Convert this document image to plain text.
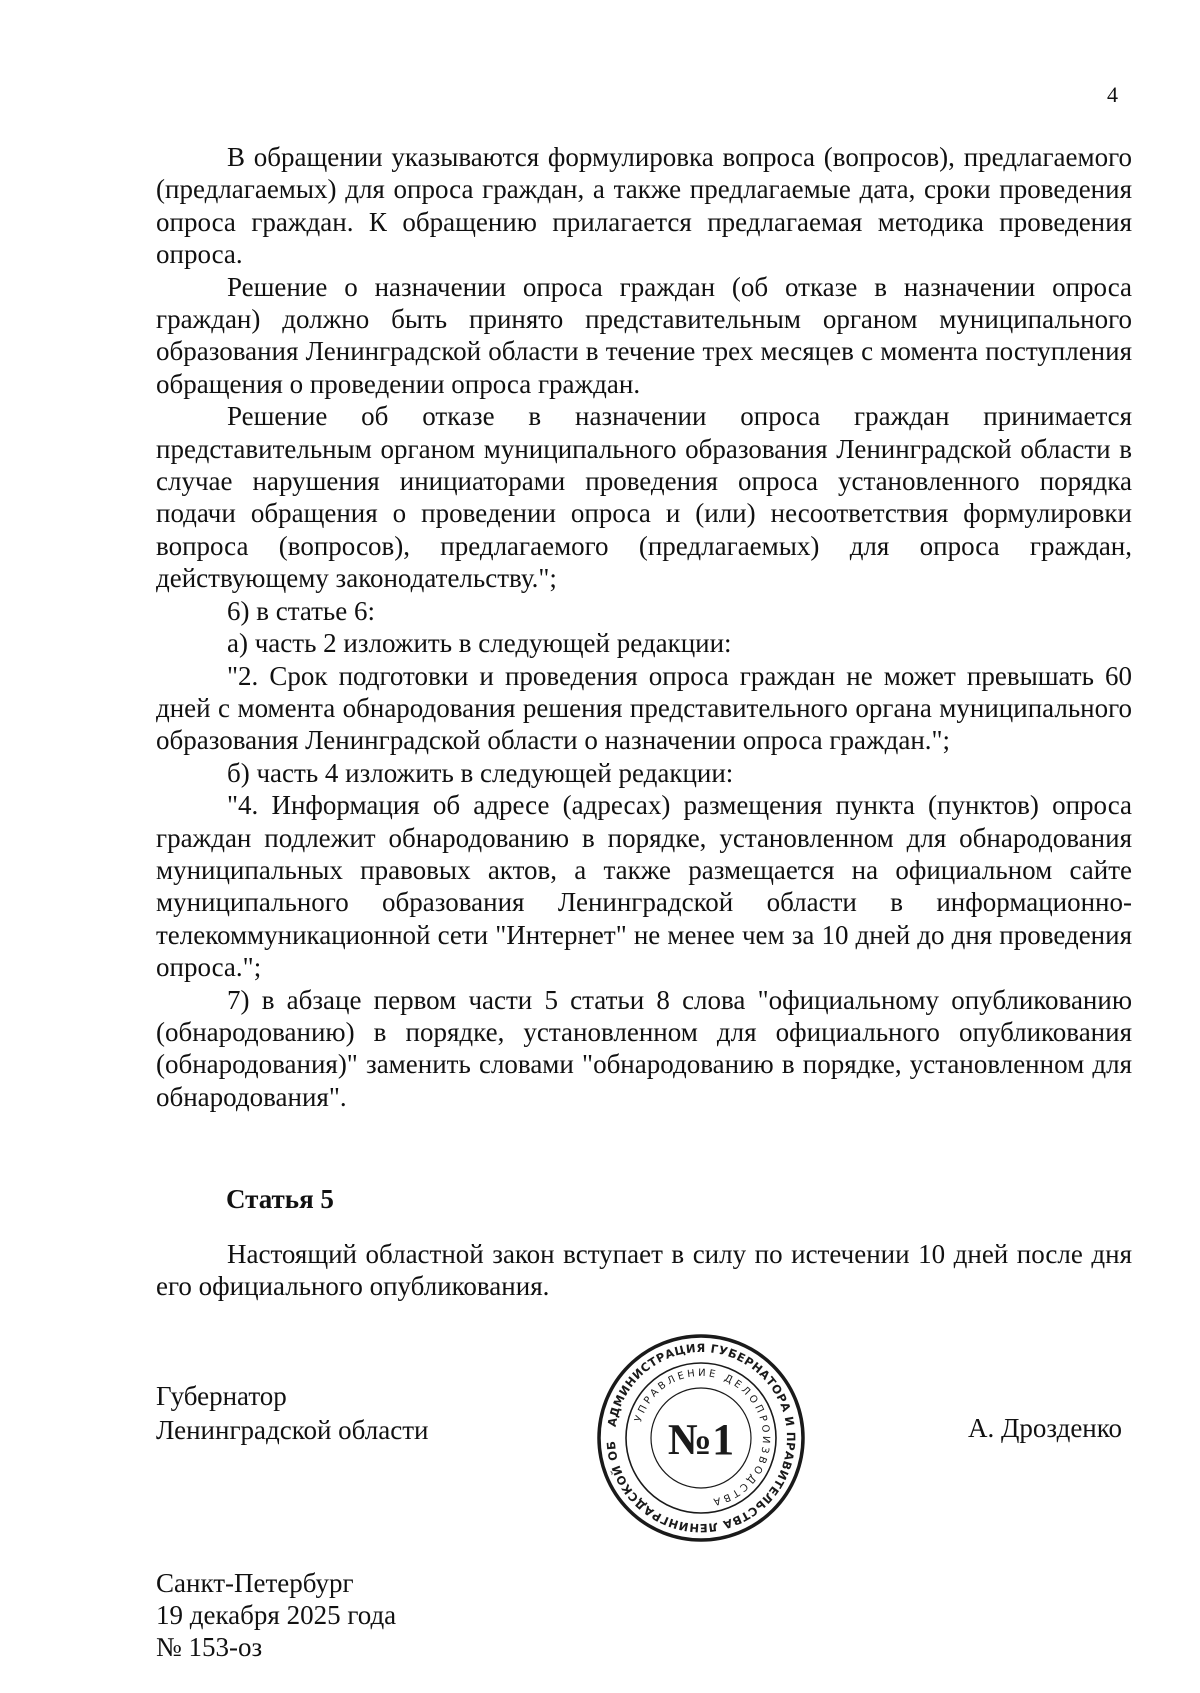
4

В обращении указываются формулировка вопроса (вопросов), предлагаемого (предлагаемых) для опроса граждан, а также предлагаемые дата, сроки проведения опроса граждан. К обращению прилагается предлагаемая методика проведения опроса.

Решение о назначении опроса граждан (об отказе в назначении опроса граждан) должно быть принято представительным органом муниципального образования Ленинградской области в течение трех месяцев с момента поступления обращения о проведении опроса граждан.

Решение об отказе в назначении опроса граждан принимается представительным органом муниципального образования Ленинградской области в случае нарушения инициаторами проведения опроса установленного порядка подачи обращения о проведении опроса и (или) несоответствия формулировки вопроса (вопросов), предлагаемого (предлагаемых) для опроса граждан, действующему законодательству.";

6) в статье 6:

а) часть 2 изложить в следующей редакции:

"2. Срок подготовки и проведения опроса граждан не может превышать 60 дней с момента обнародования решения представительного органа муниципального образования Ленинградской области о назначении опроса граждан.";

б) часть 4 изложить в следующей редакции:

"4. Информация об адресе (адресах) размещения пункта (пунктов) опроса граждан подлежит обнародованию в порядке, установленном для обнародования муниципальных правовых актов, а также размещается на официальном сайте муниципального образования Ленинградской области в информационно-телекоммуникационной сети "Интернет" не менее чем за 10 дней до дня проведения опроса.";

7) в абзаце первом части 5 статьи 8 слова "официальному опубликованию (обнародованию) в порядке, установленном для официального опубликования (обнародования)" заменить словами "обнародованию в порядке, установленном для обнародования".

Статья 5
Настоящий областной закон вступает в силу по истечении 10 дней после дня его официального опубликования.
Губернатор
Ленинградской области	А. Дрозденко
АДМИНИСТРАЦИЯ ГУБЕРНАТОРА И ПРАВИТЕЛЬСТВА ЛЕНИНГРАДСКОЙ ОБ
УПРАВЛЕНИЕ ДЕЛОПРОИЗВОДСТВА
№1
Санкт-Петербург
19 декабря 2025 года
№ 153-оз
